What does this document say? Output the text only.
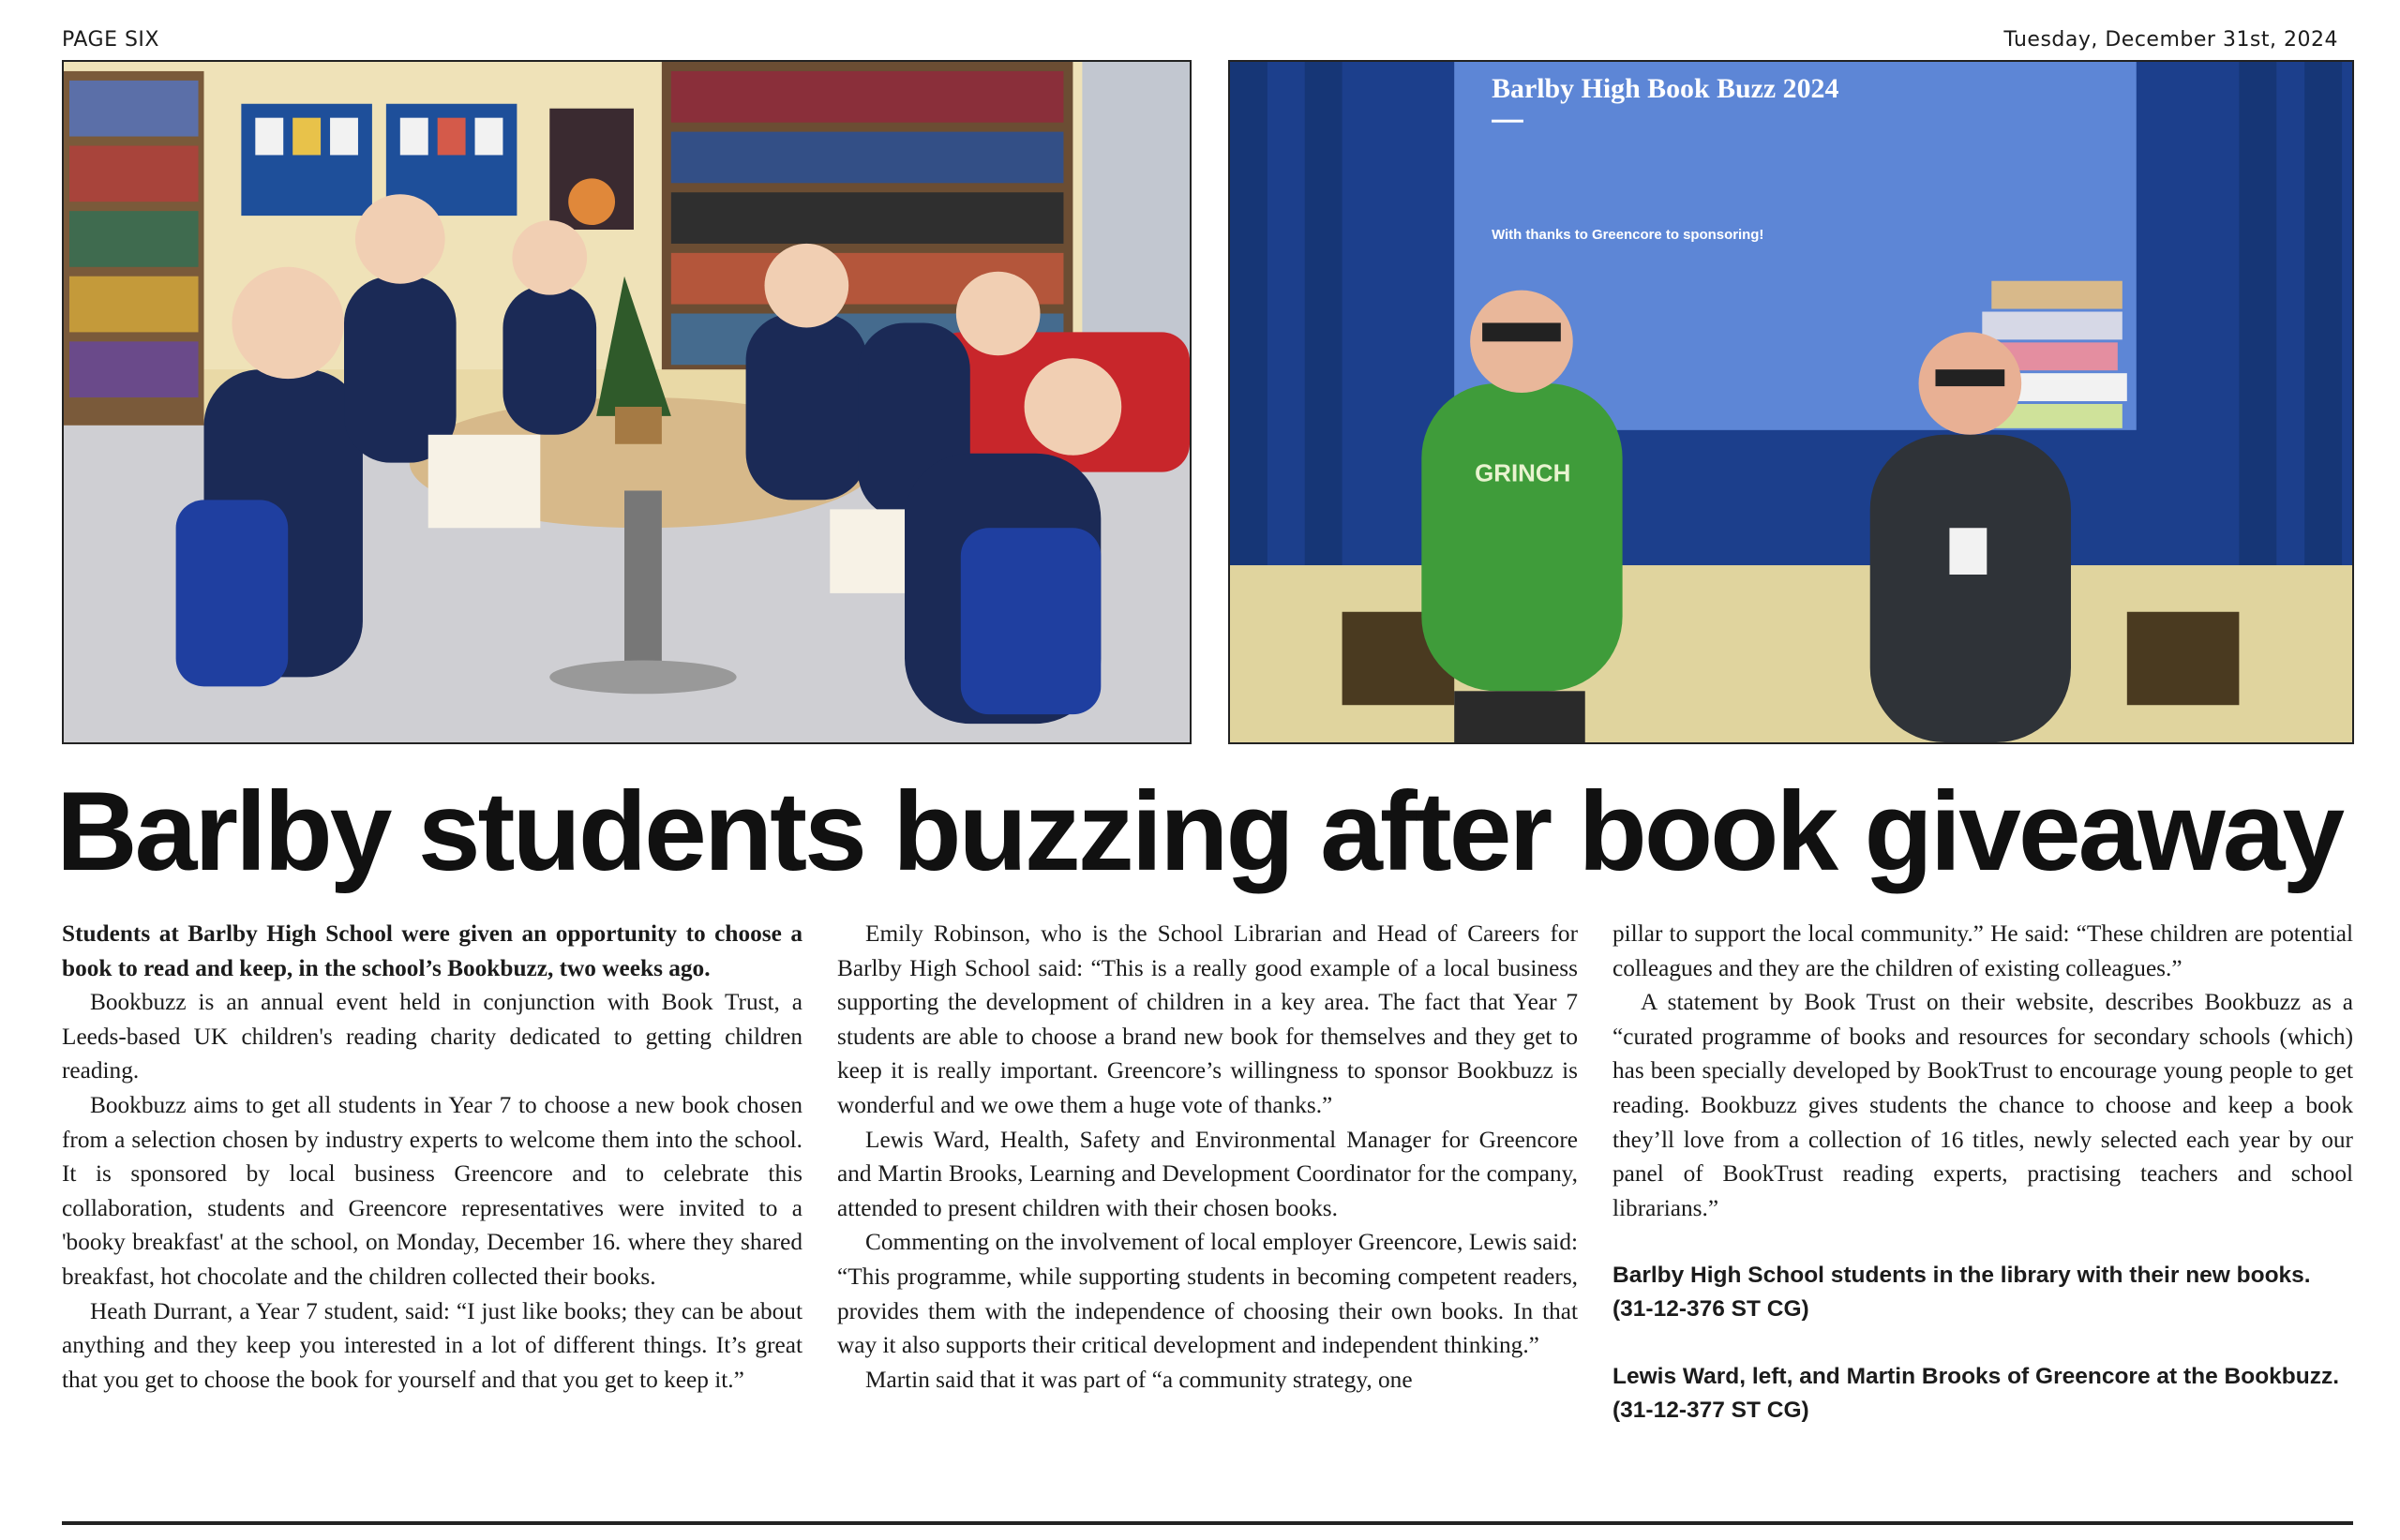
PAGE SIX	Tuesday, December 31st, 2024
Barlby High Book Buzz 2024
With thanks to Greencore to sponsoring!
GRINCH
Barlby students buzzing after book giveaway

Students at Barlby High School were given an opportunity to choose a book to read and keep, in the school’s Bookbuzz, two weeks ago.

Bookbuzz is an annual event held in conjunction with Book Trust, a Leeds-based UK children's reading charity dedicated to getting children reading.

Bookbuzz aims to get all students in Year 7 to choose a new book chosen from a selection chosen by industry experts to welcome them into the school. It is sponsored by local business Greencore and to celebrate this collaboration, students and Greencore representatives were invited to a 'booky breakfast' at the school, on Monday, December 16. where they shared breakfast, hot chocolate and the children collected their books.

Heath Durrant, a Year 7 student, said: “I just like books; they can be about anything and they keep you interested in a lot of different things. It’s great that you get to choose the book for yourself and that you get to keep it.”

Emily Robinson, who is the School Librarian and Head of Careers for Barlby High School said: “This is a really good example of a local business supporting the development of children in a key area. The fact that Year 7 students are able to choose a brand new book for themselves and they get to keep it is really important. Greencore’s willingness to sponsor Bookbuzz is wonderful and we owe them a huge vote of thanks.”

Lewis Ward, Health, Safety and Environmental Manager for Greencore and Martin Brooks, Learning and Development Coordinator for the company, attended to present children with their chosen books.

Commenting on the involvement of local employer Greencore, Lewis said: “This programme, while supporting students in becoming competent readers, provides them with the independence of choosing their own books. In that way it also supports their critical development and independent thinking.”

Martin said that it was part of “a community strategy, one

pillar to support the local community.” He said: “These children are potential colleagues and they are the children of existing colleagues.”

A statement by Book Trust on their website, describes Bookbuzz as a “curated programme of books and resources for secondary schools (which) has been specially developed by BookTrust to encourage young people to get reading. Bookbuzz gives students the chance to choose and keep a book they’ll love from a collection of 16 titles, newly selected each year by our panel of BookTrust reading experts, practising teachers and school librarians.”

Barlby High School students in the library with their new books. (31-12-376 ST CG)

Lewis Ward, left, and Martin Brooks of Greencore at the Bookbuzz. (31-12-377 ST CG)
